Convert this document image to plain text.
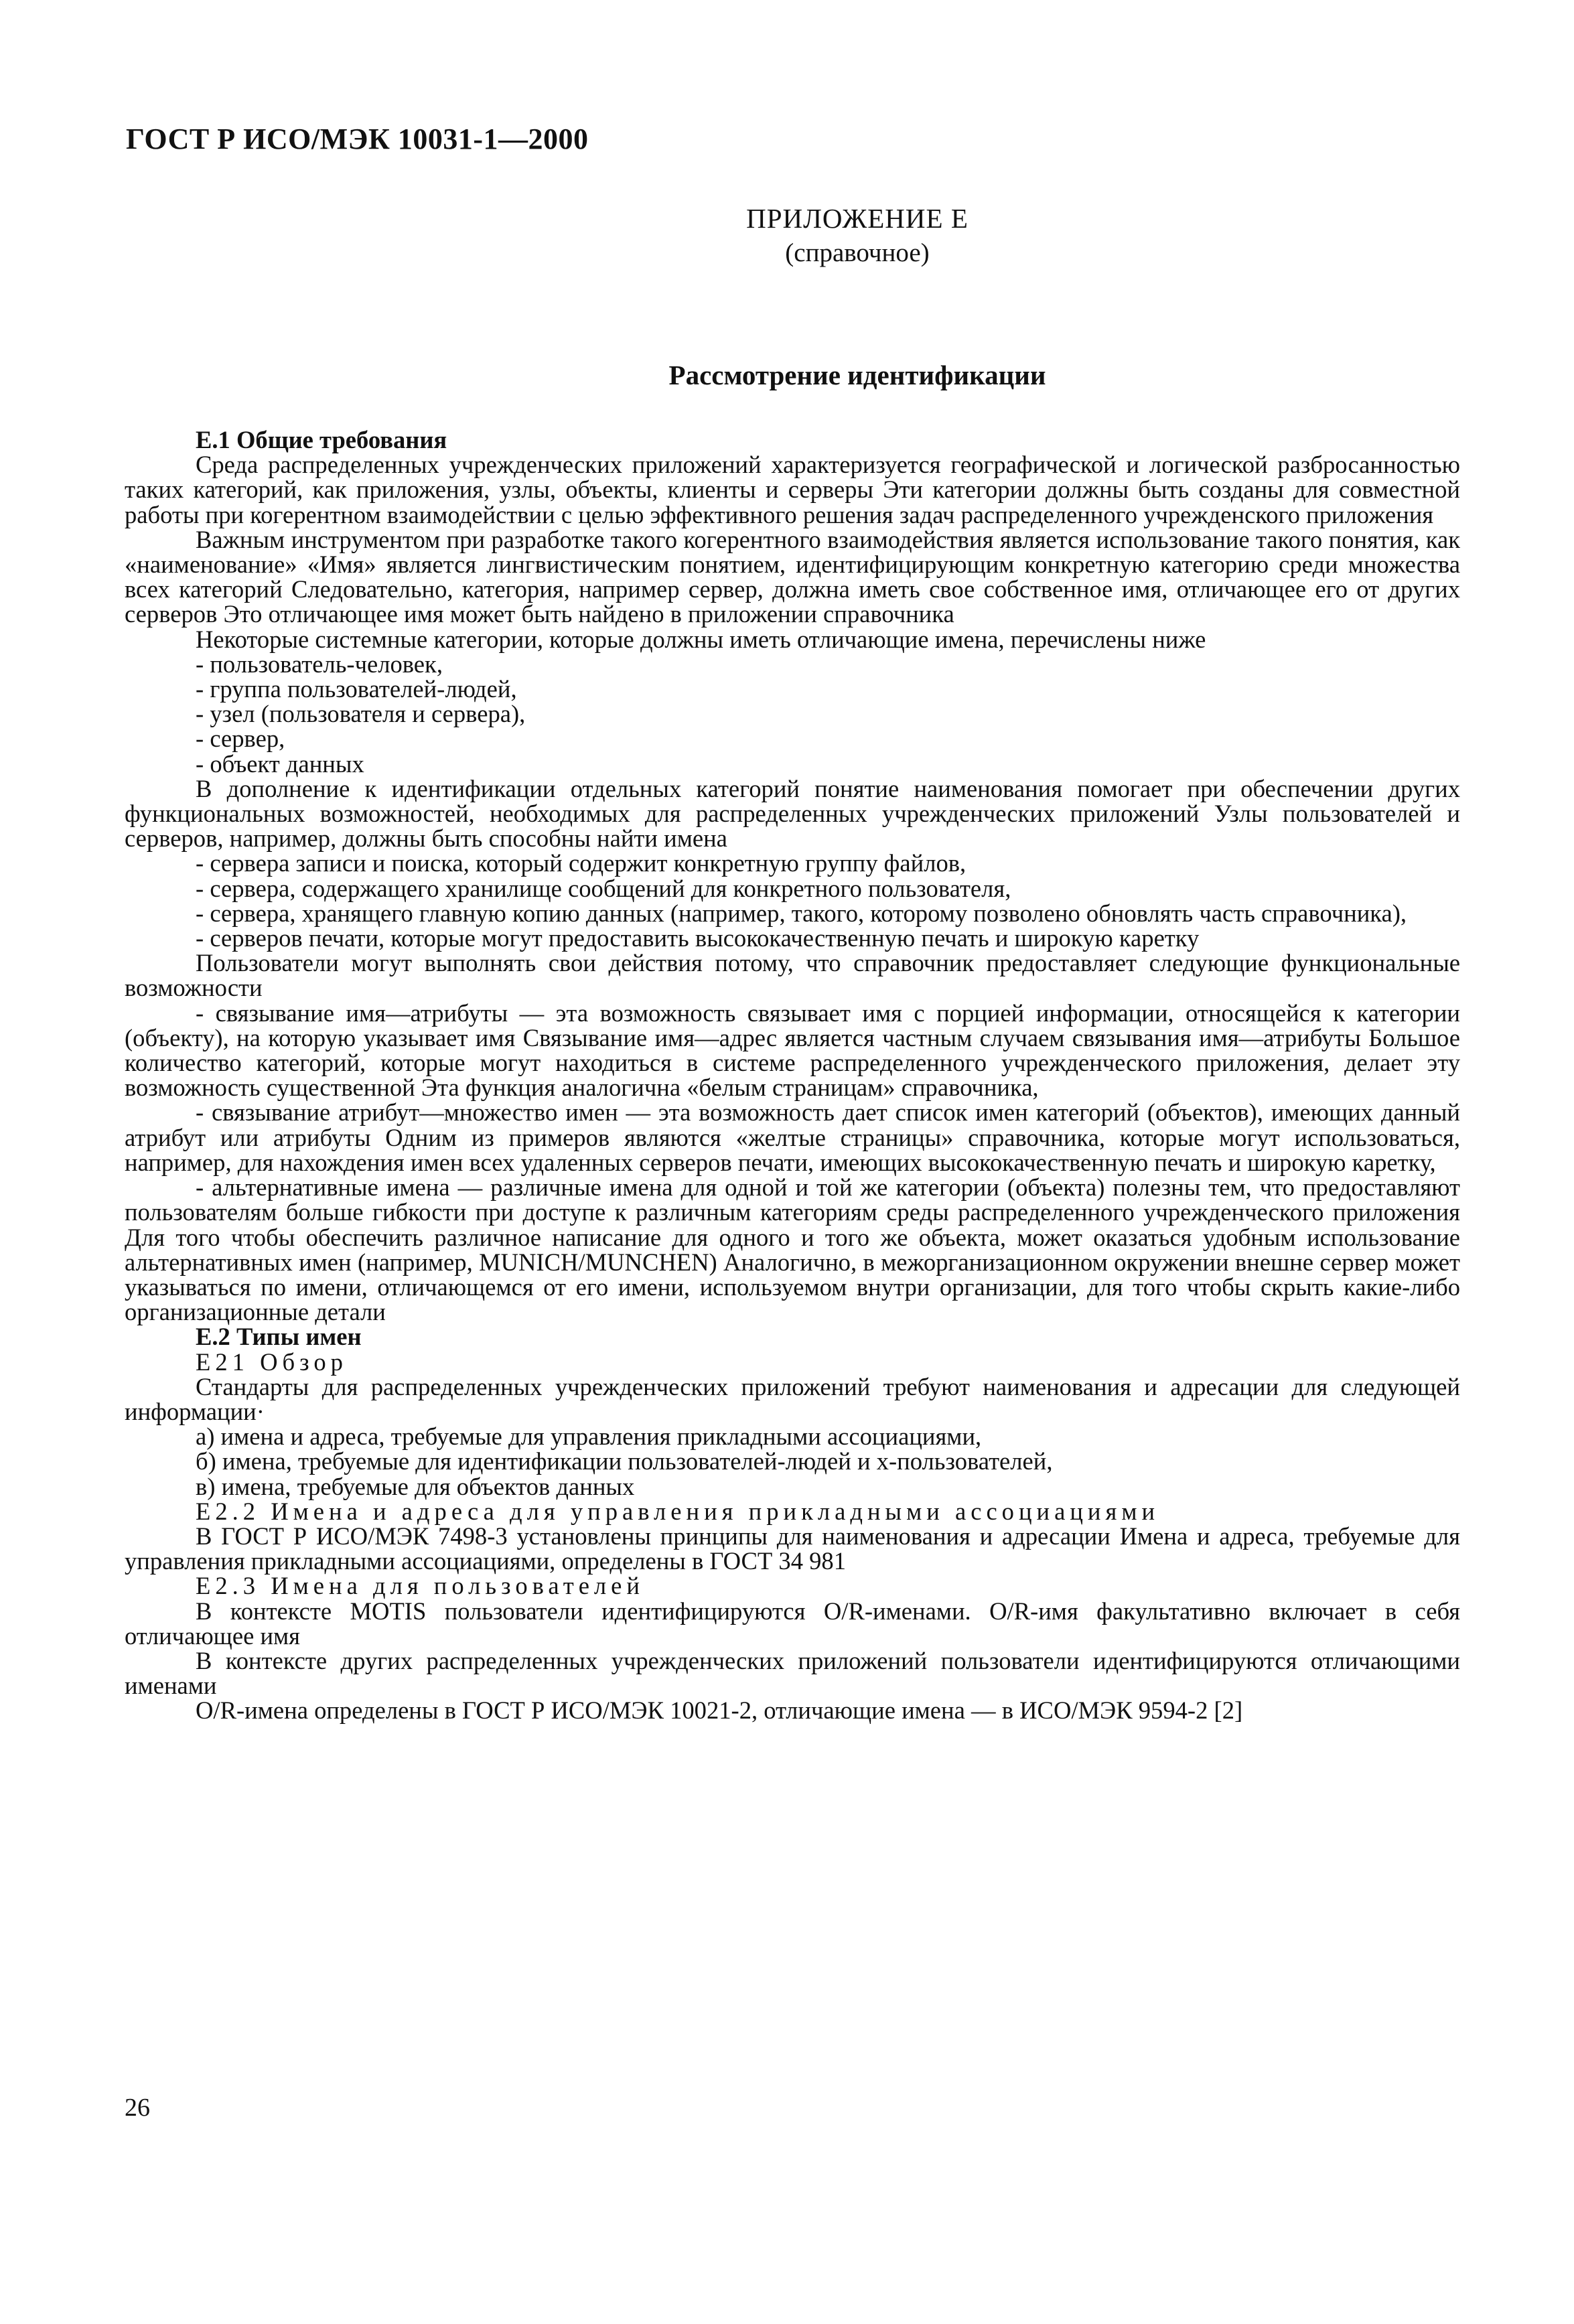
ГОСТ Р ИСО/МЭК 10031-1—2000
ПРИЛОЖЕНИЕ Е
(справочное)
Рассмотрение идентификации

Е.1 Общие требования

Среда распределенных учрежденческих приложений характеризуется географической и логической разбросанностью таких категорий, как приложения, узлы, объекты, клиенты и серверы Эти категории должны быть созданы для совместной работы при когерентном взаимодействии с целью эффективного решения задач распределенного учрежденского приложения

Важным инструментом при разработке такого когерентного взаимодействия является использование такого понятия, как «наименование» «Имя» является лингвистическим понятием, идентифицирующим конкретную категорию среди множества всех категорий Следовательно, категория, например сервер, должна иметь свое собственное имя, отличающее его от других серверов Это отличающее имя может быть найдено в приложении справочника

Некоторые системные категории, которые должны иметь отличающие имена, перечислены ниже

- пользователь-человек,

- группа пользователей-людей,

- узел (пользователя и сервера),

- сервер,

- объект данных

В дополнение к идентификации отдельных категорий понятие наименования помогает при обеспечении других функциональных возможностей, необходимых для распределенных учрежденческих приложений Узлы пользователей и серверов, например, должны быть способны найти имена

- сервера записи и поиска, который содержит конкретную группу файлов,

- сервера, содержащего хранилище сообщений для конкретного пользователя,

- сервера, хранящего главную копию данных (например, такого, которому позволено обновлять часть справочника),

- серверов печати, которые могут предоставить высококачественную печать и широкую каретку

Пользователи могут выполнять свои действия потому, что справочник предоставляет следующие функциональные возможности

- связывание имя—атрибуты — эта возможность связывает имя с порцией информации, относящейся к категории (объекту), на которую указывает имя Связывание имя—адрес является частным случаем связывания имя—атрибуты Большое количество категорий, которые могут находиться в системе распределенного учрежденческого приложения, делает эту возможность существенной Эта функция аналогична «белым страницам» справочника,

- связывание атрибут—множество имен — эта возможность дает список имен категорий (объектов), имеющих данный атрибут или атрибуты Одним из примеров являются «желтые страницы» справочника, которые могут использоваться, например, для нахождения имен всех удаленных серверов печати, имеющих высококачественную печать и широкую каретку,

- альтернативные имена — различные имена для одной и той же категории (объекта) полезны тем, что предоставляют пользователям больше гибкости при доступе к различным категориям среды распределенного учрежденческого приложения Для того чтобы обеспечить различное написание для одного и того же объекта, может оказаться удобным использование альтернативных имен (например, MUNICH/MUNCHEN) Аналогично, в межорганизационном окружении внешне сервер может указываться по имени, отличающемся от его имени, используемом внутри организации, для того чтобы скрыть какие-либо организационные детали

Е.2 Типы имен

Е21 Обзор

Стандарты для распределенных учрежденческих приложений требуют наименования и адресации для следующей информации·

а) имена и адреса, требуемые для управления прикладными ассоциациями,

б) имена, требуемые для идентификации пользователей-людей и x-пользователей,

в) имена, требуемые для объектов данных

Е2.2 Имена и адреса для управления прикладными ассоциациями

В ГОСТ Р ИСО/МЭК 7498-3 установлены принципы для наименования и адресации Имена и адреса, требуемые для управления прикладными ассоциациями, определены в ГОСТ 34 981

Е2.3 Имена для пользователей

В контексте MOTIS пользователи идентифицируются O/R-именами. O/R-имя факультативно включает в себя отличающее имя

В контексте других распределенных учрежденческих приложений пользователи идентифицируются отличающими именами

O/R-имена определены в ГОСТ Р ИСО/МЭК 10021-2, отличающие имена — в ИСО/МЭК 9594-2 [2]

26
